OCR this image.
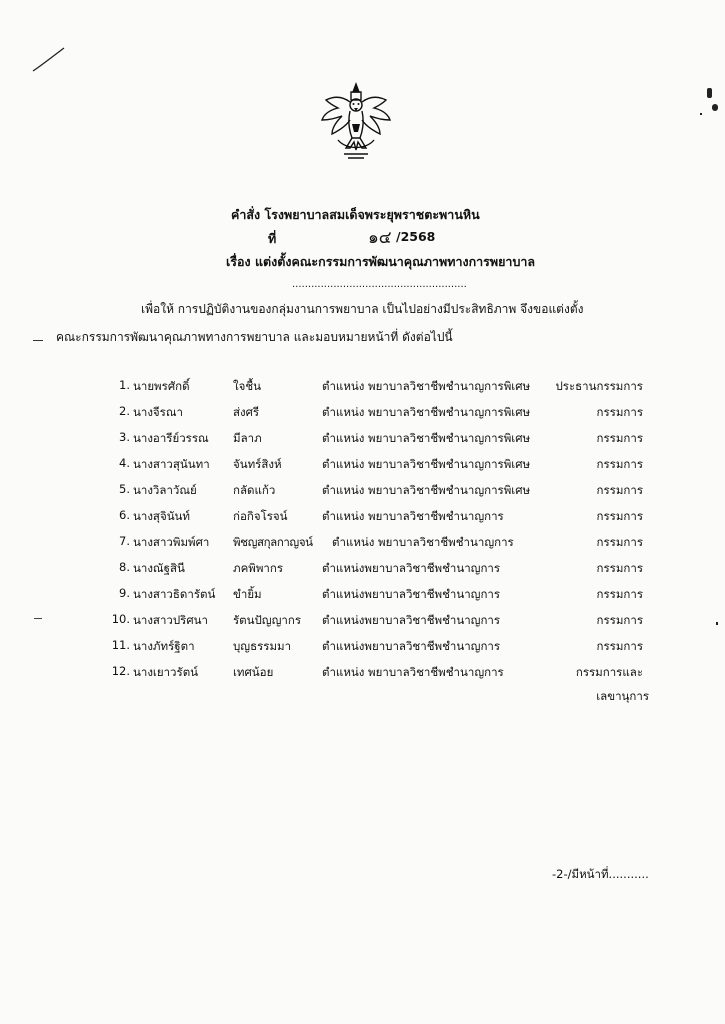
คำสั่ง โรงพยาบาลสมเด็จพระยุพราชตะพานหิน
ที่	๑๔ /2568
เรื่อง แต่งตั้งคณะกรรมการพัฒนาคุณภาพทางการพยาบาล
.......................................................
เพื่อให้ การปฏิบัติงานของกลุ่มงานการพยาบาล เป็นไปอย่างมีประสิทธิภาพ จึงขอแต่งตั้ง
คณะกรรมการพัฒนาคุณภาพทางการพยาบาล และมอบหมายหน้าที่ ดังต่อไปนี้
1. นายพรศักดิ์	ใจชื้น	ตำแหน่ง พยาบาลวิชาชีพชำนาญการพิเศษ ประธานกรรมการ
2. นางจีรณา	ส่งศรี	ตำแหน่ง พยาบาลวิชาชีพชำนาญการพิเศษ	กรรมการ
3. นางอารีย์วรรณ มีลาภ	ตำแหน่ง พยาบาลวิชาชีพชำนาญการพิเศษ	กรรมการ
4. นางสาวสุนันทา จันทร์สิงห์	ตำแหน่ง พยาบาลวิชาชีพชำนาญการพิเศษ	กรรมการ
5. นางวิลาวัณย์	กลัดแก้ว	ตำแหน่ง พยาบาลวิชาชีพชำนาญการพิเศษ	กรรมการ
6. นางสุจินันท์	ก่อกิจโรจน์	ตำแหน่ง พยาบาลวิชาชีพชำนาญการ	กรรมการ
7. นางสาวพิมพ์ศา พิชญสกุลกาญจน์ ตำแหน่ง พยาบาลวิชาชีพชำนาญการ	กรรมการ
8. นางณัฐสินี	ภคพิพากร	ตำแหน่งพยาบาลวิชาชีพชำนาญการ	กรรมการ
9. นางสาวธิดารัตน์ ขำยิ้ม	ตำแหน่งพยาบาลวิชาชีพชำนาญการ	กรรมการ
10. นางสาวปริศนา รัตนปัญญากร ตำแหน่งพยาบาลวิชาชีพชำนาญการ	กรรมการ
11. นางภัทร์ฐิตา	บุญธรรมมา	ตำแหน่งพยาบาลวิชาชีพชำนาญการ	กรรมการ
12. นางเยาวรัตน์	เทศน้อย	ตำแหน่ง พยาบาลวิชาชีพชำนาญการ	กรรมการและ
เลขานุการ
-2-/มีหน้าที่...........
